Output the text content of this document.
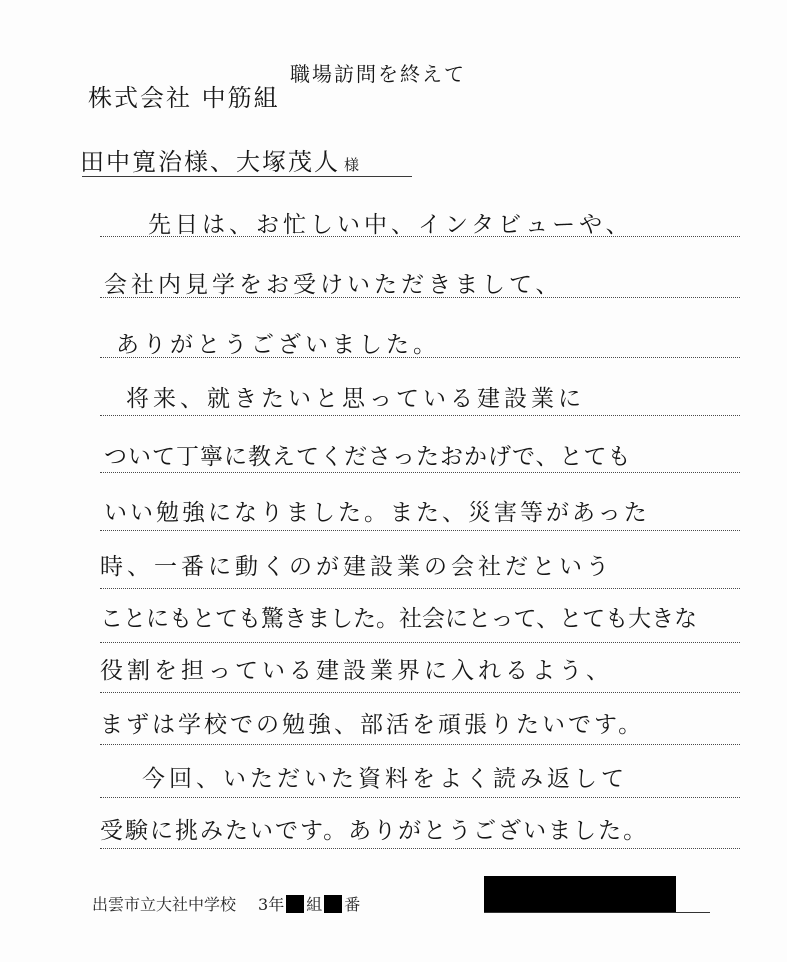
職場訪問を終えて
株式会社 中筋組
田中寛治様、大塚茂人 様
先日は、お忙しい中、インタビューや、
会社内見学をお受けいただきまして、
ありがとうございました。
将来、就きたいと思っている建設業に
ついて丁寧に教えてくださったおかげで、とても
いい勉強になりました。また、災害等があった
時、一番に動くのが建設業の会社だという
ことにもとても驚きました。社会にとって、とても大きな
役割を担っている建設業界に入れるよう、
まずは学校での勉強、部活を頑張りたいです。
今回、いただいた資料をよく読み返して
受験に挑みたいです。ありがとうございました。
出雲市立大社中学校 3年 組 番
